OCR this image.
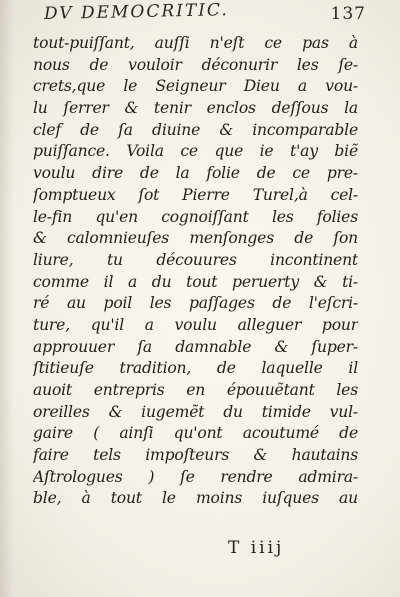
DV DEMOCRITIC.	137
tout-puiſſant, auſſi n'eſt ce pas à
nous de vouloir déconurir les ſe-
crets,que le Seigneur Dieu a vou-
lu ſerrer & tenir enclos deſſous la
clef de ſa diuine & incomparable
puiſſance. Voila ce que ie t'ay biẽ
voulu dire de la folie de ce pre-
ſomptueux ſot Pierre Turel,à cel-
le-fin qu'en cognoiſſant les folies
& calomnieuſes menſonges de ſon
liure, tu découures incontinent
comme il a du tout peruerty & ti-
ré au poil les paſſages de l'eſcri-
ture, qu'il a voulu alleguer pour
approuuer ſa damnable & ſuper-
ſtitieuſe tradition, de laquelle il
auoit entrepris en épouuẽtant les
oreilles & iugemẽt du timide vul-
gaire ( ainſi qu'ont acoutumé de
faire tels impoſteurs & hautains
Aſtrologues ) ſe rendre admira-
ble, à tout le moins iuſques au
T iiij
